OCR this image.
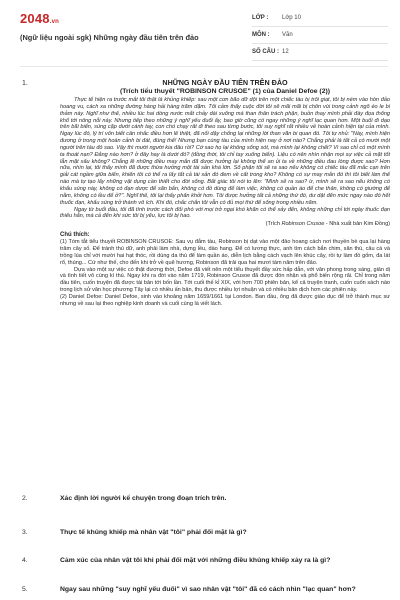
2048.vn
(Ngữ liệu ngoài sgk) Những ngày đầu tiên trên đảo
LỚP :	Lớp 10
MÔN :	Văn
SỐ CÂU : 12
1.	NHỮNG NGÀY ĐẦU TIÊN TRÊN ĐẢO
(Trích tiểu thuyết "ROBINSON CRUSOE" (1) của Daniel Defoe (2))

Thực tế hiện ra trước mắt tôi thật là khủng khiếp: sau một cơn bão dữ dội trên một chiếc tàu bị trôi giạt, tôi bị ném vào hòn đảo hoang vu, cách xa những đường hàng hải hàng trăm dặm. Tôi cảm thấy cuộc đời tôi sẽ mãi mãi bị chôn vùi trong cảnh ngõ éo le bi thảm này. Nghĩ như thế, nhiều lúc hai dòng nước mắt chảy dài xuống má than thân trách phận, buồn thay mình phải đày đọa thống khổ tới nông nỗi này. Nhưng tiếp theo những ý nghĩ yếu đuối ấy, bao giờ cũng có ngay những ý nghĩ lạc quan hơn. Một buổi đi dạo trên bãi biển, súng cặp dưới cánh tay, con chó chạy rất đi theo sau từng bước, tôi suy nghĩ rất nhiều về hoàn cảnh hiện tại của mình. Ngay lúc đó, lý trí vốn biết cân nhắc điều hơn lẽ thiệt, đã nổi dậy chống lại những lời than vãn bi quan đó. Tôi tự nhủ: "Này, mình hiện đương ở trong một hoàn cảnh bi đát, đúng thế! Nhưng bạn cùng tàu của mình hiện nay ở nơi nào? Chẳng phải là tất cả có mười một người trên tàu đó sao. Vậy thì mười người kia đâu rồi? Cớ sao họ lại không sống sót, mà mình lại không chết? Vì sao chỉ có một mình ta thoát nạn? Đằng nào hơn? ở đây hay là dưới đó? (đồng thời, tôi chỉ tay xuống biển). Liệu có nên nhìn nhận mọi sự việc cả mặt tốt lẫn mặt xấu không? Chẳng lẽ những điều may mắn đã được hưởng lại không thể an ủi ta về những điều đau lòng được sao? Hơn nữa, nhìn lại, tôi thấy mình đã được thừa hưởng một tài sản khá lớn. Số phận tôi sẽ ra sao nếu không có chiếc tàu đã mắc cạn trên giải cát ngầm giữa biển, khiến tôi có thể ra lấy tất cả tài sản đó đem về cất trong kho? Không có sự may mắn đó thì tôi biết làm thế nào mà tự tạo lấy những vật dụng cần thiết cho đời sống. Bất giác tôi nói to lên: "Mình sẽ ra sao? ừ, mình sẽ ra sao nếu không có khẩu súng này, không có đạn dược để săn bắn, không có đồ dùng để làm việc, không có quần áo để che thân, không có giường để nằm, không có lều để ở?". Nghĩ thế, tôi lại thấy phấn khởi hơn. Tôi được hưởng tất cả những thứ đó, dư dật đến mức ngay nào đó hết thuốc đạn, khẩu súng trở thành vô ích. Khi đó, chắc chắn tôi vẫn có đủ mọi thứ để sống trong nhiều năm.

Ngay từ buổi đầu, tôi đã tính trước cách đối phó với mọi trở ngại khó khăn có thể xảy đến, không những chỉ tới ngày thuốc đạn thiếu hẳn, mà cả đến khi sức tôi bị yếu, lực tôi bị hao.

(Trích Robinson Crusoe - Nhà xuất bản Kim Đồng)
Chú thích:

(1) Tóm tắt tiểu thuyết ROBINSON CRUSOE: Sau vụ đắm tàu, Robinson bị dạt vào một đảo hoang cách nơi thuyền bè qua lại hàng trăm cây số. Để tránh thú dữ, anh phải làm nhà, dựng lều, dào hang. Để có lương thực, anh tìm cách bắn chim, săn thú, câu cá và trồng lúa chỉ với mười hai hạt thóc, rồi dùng da thú để làm quần áo, diễn lịch bằng cách vạch lên khúc cây, rồi tự làm đồ gốm, đa lát rổ, thúng... Cứ như thế, cho đến khi trở về quê hương, Robinson đã trải qua hai mươi tám năm trên đảo.

Dựa vào một sự việc có thật đương thời, Defoe đã viết nên một tiểu thuyết đầy sức hấp dẫn, với văn phong trong sáng, giản dị và tình tiết vô cùng kì thú. Ngay khi ra đời vào năm 1719, Robinson Crusoe đã được đón nhận và phổ biến rộng rãi. Chỉ trong năm đầu tiên, cuốn truyện đã được tái bản tới bốn lần. Tới cuối thế kỉ XIX, với hơn 700 phiên bản, kể cả truyện tranh, cuốn cuốn sách nào trong lịch sử văn học phương Tây lại có nhiều ấn bản, thu được nhiều lợi nhuận và có nhiều bản dịch hơn các phiên này.

(2) Daniel Defoe: Daniel Defoe, sinh vào khoảng năm 1659/1661 tại London. Ban đầu, ông đã được giáo dục để trở thành mục sư nhưng về sau lại theo nghiệp kinh doanh và cuối cùng là viết lách.

2.	Xác định lời người kể chuyện trong đoạn trích trên.
3.	Thực tế khủng khiếp mà nhân vật "tôi" phải đối mặt là gì?
4.	Cảm xúc của nhân vật tôi khi phải đối mặt với những điều khủng khiếp xảy ra là gì?
5.	Ngay sau những "suy nghĩ yếu đuối" vì sao nhân vật "tôi" đã có cách nhìn "lạc quan" hơn?
